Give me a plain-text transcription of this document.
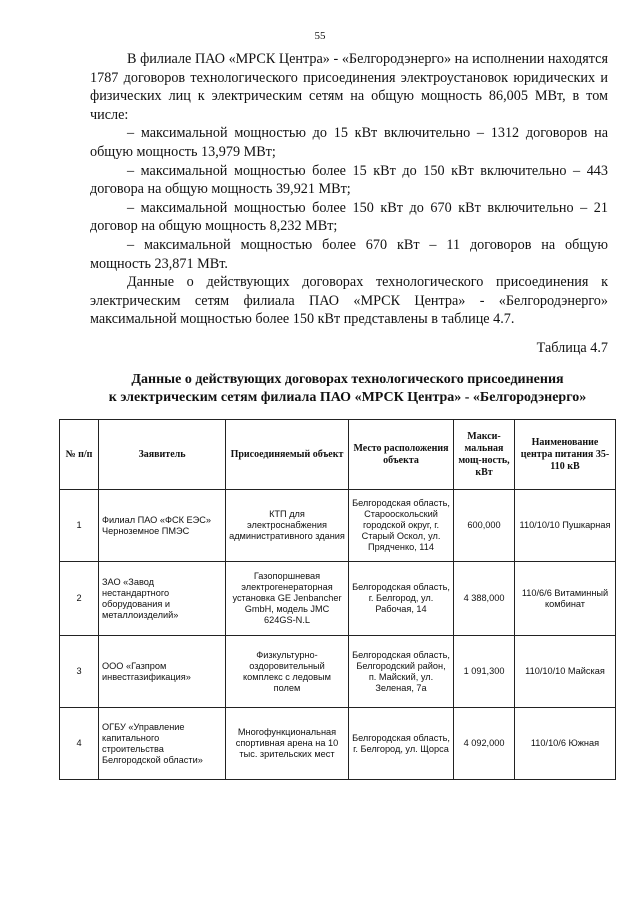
55

В филиале ПАО «МРСК Центра» - «Белгородэнерго» на исполнении находятся 1787 договоров технологического присоединения электроустановок юридических и физических лиц к электрическим сетям на общую мощность 86,005 МВт, в том числе:

– максимальной мощностью до 15 кВт включительно – 1312 договоров на общую мощность 13,979 МВт;

– максимальной мощностью более 15 кВт до 150 кВт включительно – 443 договора на общую мощность 39,921 МВт;

– максимальной мощностью более 150 кВт до 670 кВт включительно – 21 договор на общую мощность 8,232 МВт;

– максимальной мощностью более 670 кВт – 11 договоров на общую мощность 23,871 МВт.

Данные о действующих договорах технологического присоединения к электрическим сетям филиала ПАО «МРСК Центра» - «Белгородэнерго» максимальной мощностью более 150 кВт представлены в таблице 4.7.

Таблица 4.7
Данные о действующих договорах технологического присоединения
к электрическим сетям филиала ПАО «МРСК Центра» - «Белгородэнерго»
№ п/п	Заявитель	Присоединяемый объект	Место расположения объекта	Макси-мальная мощ-ность, кВт	Наименование центра питания 35-110 кВ
1	Филиал ПАО «ФСК ЕЭС» Черноземное ПМЭС	КТП для электроснабжения административного здания	Белгородская область, Старооскольский городской округ, г. Старый Оскол, ул. Прядченко, 114	600,000	110/10/10 Пушкарная
2	ЗАО «Завод нестандартного оборудования и металлоизделий»	Газопоршневая электрогенераторная установка GE Jenbancher GmbH, модель JMC 624GS-N.L	Белгородская область, г. Белгород, ул. Рабочая, 14	4 388,000	110/6/6 Витаминный комбинат
3	ООО «Газпром инвестгазификация»	Физкультурно-оздоровительный комплекс с ледовым полем	Белгородская область, Белгородский район, п. Майский, ул. Зеленая, 7а	1 091,300	110/10/10 Майская
4	ОГБУ «Управление капитального строительства Белгородской области»	Многофункциональная спортивная арена на 10 тыс. зрительских мест	Белгородская область, г. Белгород, ул. Щорса	4 092,000	110/10/6 Южная
